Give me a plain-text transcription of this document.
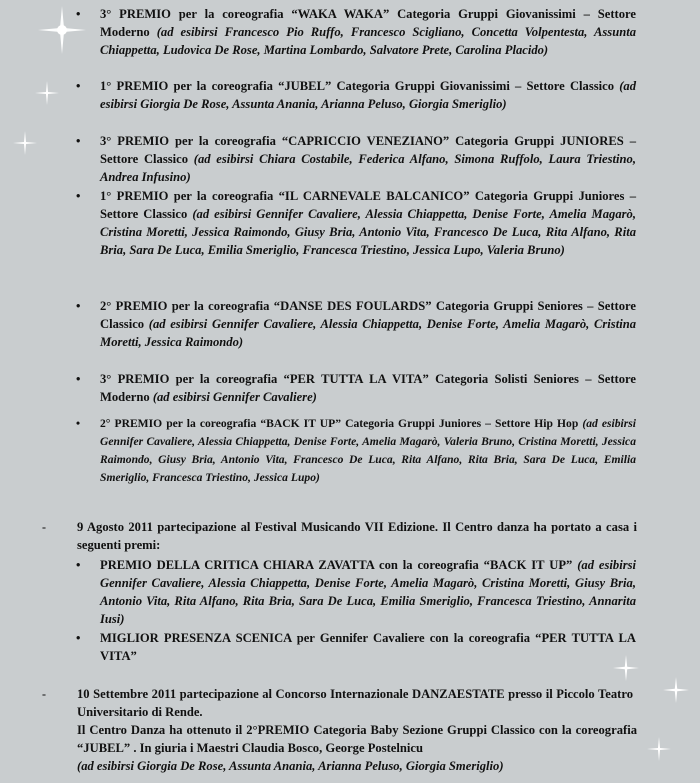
• 3° PREMIO per la coreografia “WAKA WAKA” Categoria Gruppi Giovanissimi – Settore Moderno (ad esibirsi Francesco Pio Ruffo, Francesco Scigliano, Concetta Volpentesta, Assunta Chiappetta, Ludovica De Rose, Martina Lombardo, Salvatore Prete, Carolina Placido)
• 1° PREMIO per la coreografia “JUBEL” Categoria Gruppi Giovanissimi – Settore Classico (ad esibirsi Giorgia De Rose, Assunta Anania, Arianna Peluso, Giorgia Smeriglio)
• 3° PREMIO per la coreografia “CAPRICCIO VENEZIANO” Categoria Gruppi JUNIORES – Settore Classico (ad esibirsi Chiara Costabile, Federica Alfano, Simona Ruffolo, Laura Triestino, Andrea Infusino)
• 1° PREMIO per la coreografia “IL CARNEVALE BALCANICO” Categoria Gruppi Juniores – Settore Classico (ad esibirsi Gennifer Cavaliere, Alessia Chiappetta, Denise Forte, Amelia Magarò, Cristina Moretti, Jessica Raimondo, Giusy Bria, Antonio Vita, Francesco De Luca, Rita Alfano, Rita Bria, Sara De Luca, Emilia Smeriglio, Francesca Triestino, Jessica Lupo, Valeria Bruno)
• 2° PREMIO per la coreografia “DANSE DES FOULARDS” Categoria Gruppi Seniores – Settore Classico (ad esibirsi Gennifer Cavaliere, Alessia Chiappetta, Denise Forte, Amelia Magarò, Cristina Moretti, Jessica Raimondo)
• 3° PREMIO per la coreografia “PER TUTTA LA VITA” Categoria Solisti Seniores – Settore Moderno (ad esibirsi Gennifer Cavaliere)
• 2° PREMIO per la coreografia “BACK IT UP” Categoria Gruppi Juniores – Settore Hip Hop (ad esibirsi Gennifer Cavaliere, Alessia Chiappetta, Denise Forte, Amelia Magarò, Valeria Bruno, Cristina Moretti, Jessica Raimondo, Giusy Bria, Antonio Vita, Francesco De Luca, Rita Alfano, Rita Bria, Sara De Luca, Emilia Smeriglio, Francesca Triestino, Jessica Lupo)
- 9 Agosto 2011 partecipazione al Festival Musicando VII Edizione. Il Centro danza ha portato a casa i seguenti premi:
• PREMIO DELLA CRITICA CHIARA ZAVATTA con la coreografia “BACK IT UP” (ad esibirsi Gennifer Cavaliere, Alessia Chiappetta, Denise Forte, Amelia Magarò, Cristina Moretti, Giusy Bria, Antonio Vita, Rita Alfano, Rita Bria, Sara De Luca, Emilia Smeriglio, Francesca Triestino, Annarita Iusi)
• MIGLIOR PRESENZA SCENICA per Gennifer Cavaliere con la coreografia “PER TUTTA LA VITA”
- 10 Settembre 2011 partecipazione al Concorso Internazionale DANZAESTATE presso il Piccolo Teatro Universitario di Rende.
Il Centro Danza ha ottenuto il 2°PREMIO Categoria Baby Sezione Gruppi Classico con la coreografia “JUBEL” . In giuria i Maestri Claudia Bosco, George Postelnicu
(ad esibirsi Giorgia De Rose, Assunta Anania, Arianna Peluso, Giorgia Smeriglio)
